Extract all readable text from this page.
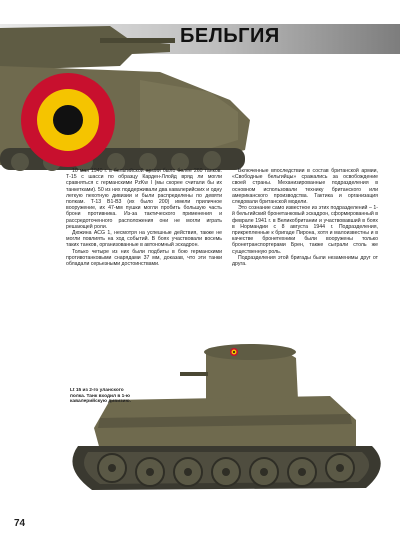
БЕЛЬГИЯ

10 мая 1940 г. в бельгийской армии было более 260 танков. Т-15 с шасси по образцу Карден-Ллойд вряд ли могли сравняться с германскими PzKw I (мы скорее считали бы их танкетками). 50 из них поддерживали два кавалерийских и одну легкую пехотную дивизии и были распределены по девяти полкам. T-13 B1-B3 (их было 200) имели приличное вооружение, их 47-мм пушки могли пробить большую часть брони противника. Из-за тактического применения и рассредоточенного расположения они не могли играть решающей роли.

Дюжина ACG 1, несмотря на успешные действия, также не могли повлиять на ход событий. В боях участвовали восемь таких танков, организованные в автономный эскадрон.

Только четыре из них были подбиты в бою германскими противотанковыми снарядами 37 мм, доказав, что эти танки обладали серьезными достоинствами.

Включенные впоследствии в состав британской армии, «Свободные бельгийцы» сражались за освобождение своей страны. Механизированные подразделения в основном использовали технику британского или американского производства. Тактика и организация следовали британской модели.

Это сознание само известное из этих подразделений – 1-й бельгийский бронетанковый эскадрон, сформированный в феврале 1941 г. в Великобритании и участвовавший в боях в Нормандии с 8 августа 1944 г. Подразделения, прикрепленные к бригаде Пиронa, хотя и малоизвестны и в качестве бронетехники были вооружены только бронетранспортерами Брен, также сыграли столь же существенную роль.

Подразделения этой бригады были незаменимы друг от друга.

Lt 15 из 2-го уланского полка. Танк входил в 1-ю кавалерийскую дивизию.
74
